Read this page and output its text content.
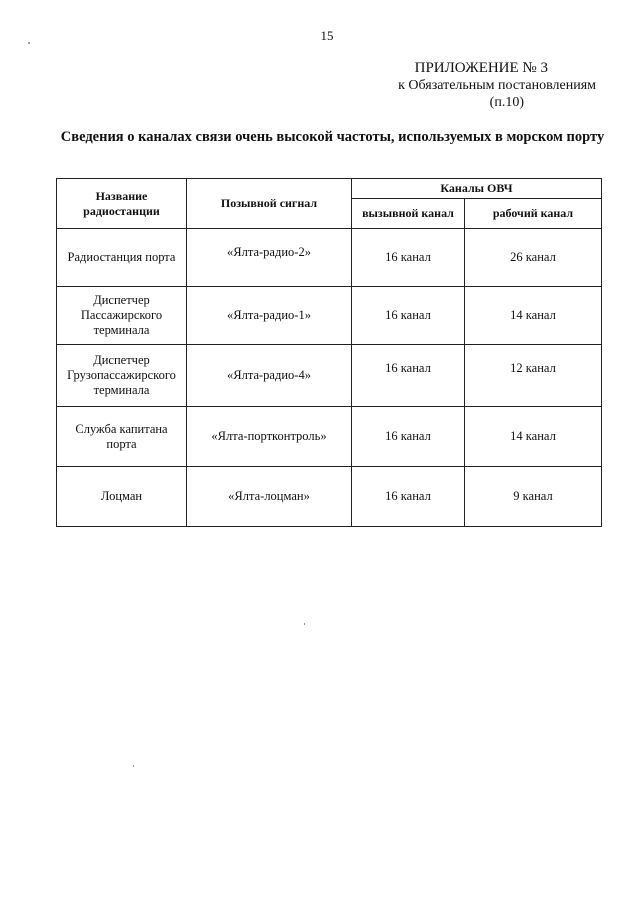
15
ПРИЛОЖЕНИЕ № 3
к Обязательным постановлениям
(п.10)
Сведения о каналах связи очень высокой частоты, используемых в морском порту
Название радиостанции	Позывной сигнал	Каналы ОВЧ	
		вызывной канал	рабочий канал
Радиостанция порта	«Ялта-радио-2»	16 канал	26 канал
Диспетчер Пассажирского терминала	«Ялта-радио-1»	16 канал	14 канал
Диспетчер Грузопассажирского терминала	«Ялта-радио-4»	16 канал	12 канал
Служба капитана порта	«Ялта-портконтроль»	16 канал	14 канал
Лоцман	«Ялта-лоцман»	16 канал	9 канал
